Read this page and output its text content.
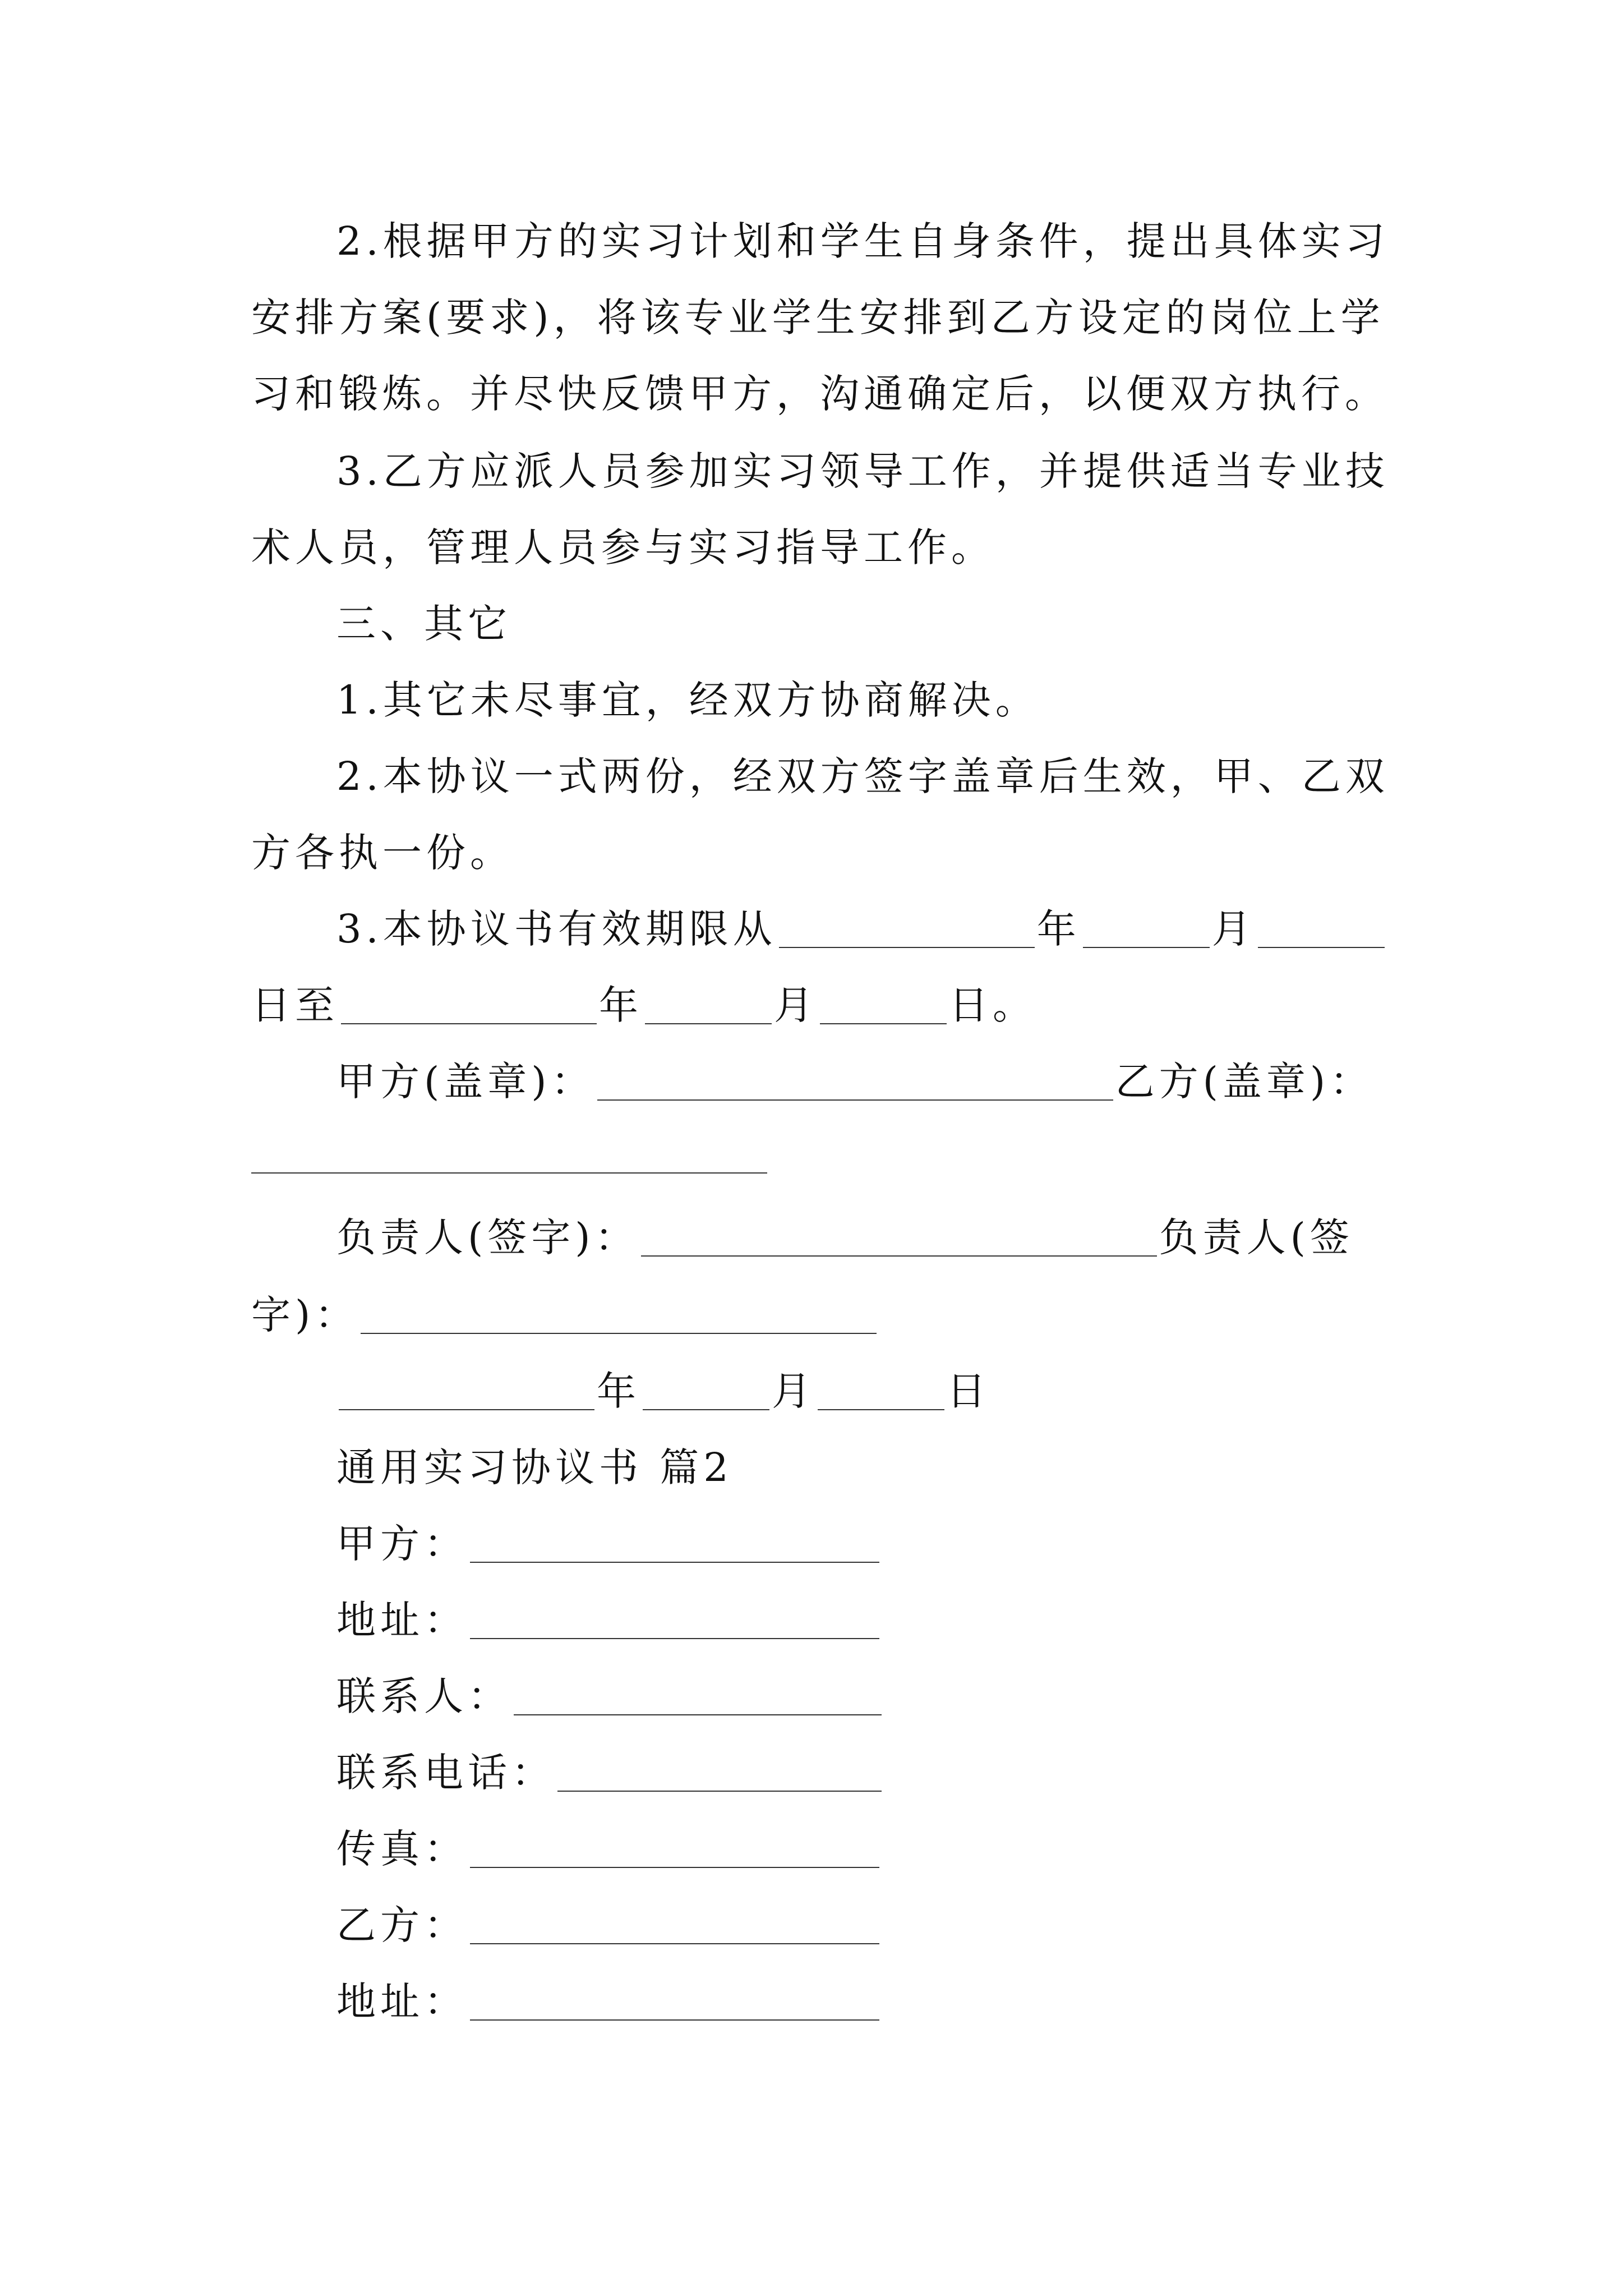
2.根据甲方的实习计划和学生自身条件，提出具体实习
安排方案(要求)，将该专业学生安排到乙方设定的岗位上学
习和锻炼。并尽快反馈甲方，沟通确定后，以便双方执行。
3.乙方应派人员参加实习领导工作，并提供适当专业技
术人员，管理人员参与实习指导工作。
三、其它
1.其它未尽事宜，经双方协商解决。
2.本协议一式两份，经双方签字盖章后生效，甲、乙双
方各执一份。
3.本协议书有效期限从	年	月
日至	年	月	日。
甲方(盖章)：	乙方(盖章)：
负责人(签字)：	负责人(签
字)：
年	月	日
通用实习协议书 篇2
甲方：
地址：
联系人：
联系电话：
传真：
乙方：
地址：
